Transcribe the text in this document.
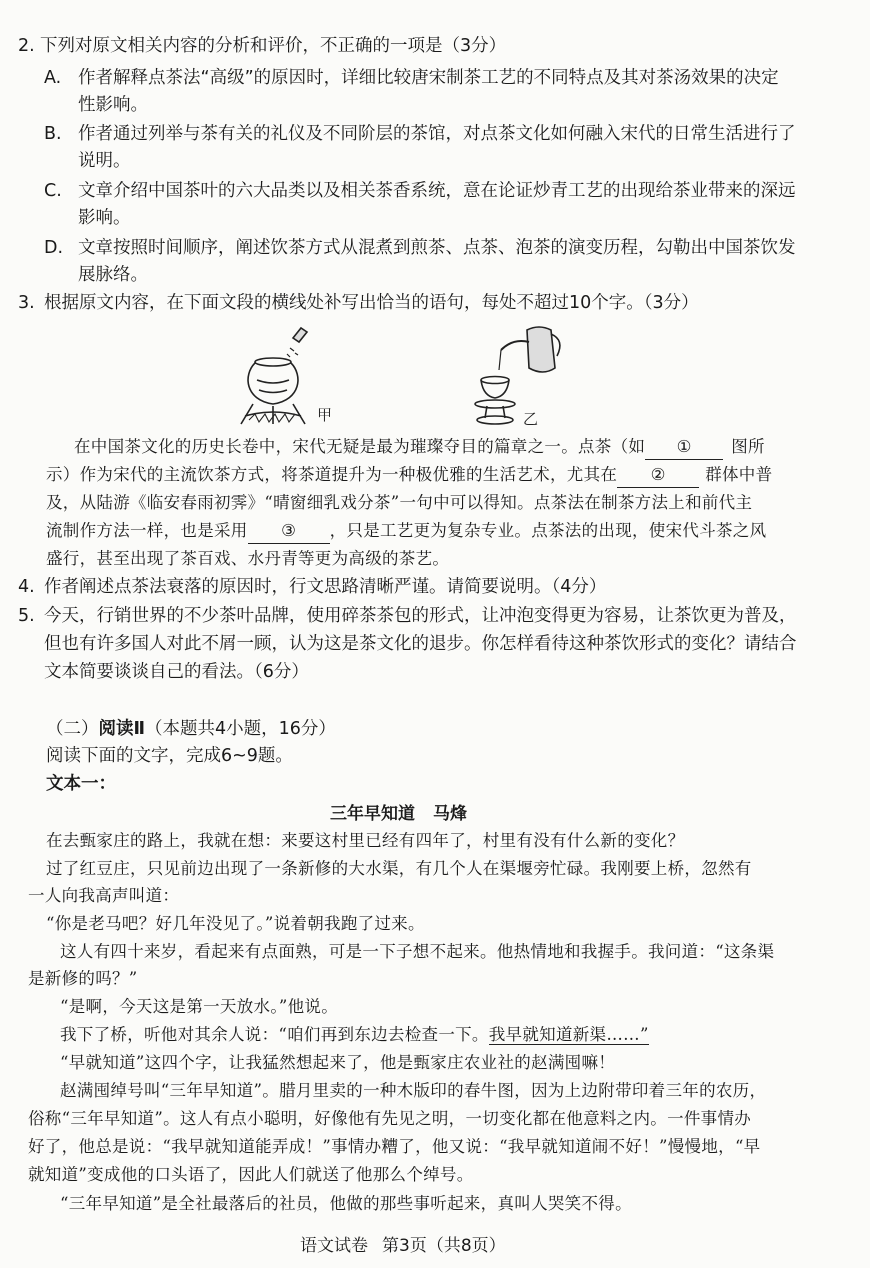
2. 下列对原文相关内容的分析和评价，不正确的一项是（3分）
A. 作者解释点茶法“高级”的原因时，详细比较唐宋制茶工艺的不同特点及其对茶汤效果的决定
性影响。
B. 作者通过列举与茶有关的礼仪及不同阶层的茶馆，对点茶文化如何融入宋代的日常生活进行了
说明。
C. 文章介绍中国茶叶的六大品类以及相关茶香系统，意在论证炒青工艺的出现给茶业带来的深远
影响。
D. 文章按照时间顺序，阐述饮茶方式从混煮到煎茶、点茶、泡茶的演变历程，勾勒出中国茶饮发
展脉络。
3. 根据原文内容，在下面文段的横线处补写出恰当的语句，每处不超过10个字。（3分）
甲	乙
在中国茶文化的历史长卷中，宋代无疑是最为璀璨夺目的篇章之一。点茶（如 ① 图所
示）作为宋代的主流饮茶方式，将茶道提升为一种极优雅的生活艺术，尤其在 ② 群体中普
及，从陆游《临安春雨初霁》“晴窗细乳戏分茶”一句中可以得知。点茶法在制茶方法上和前代主
流制作方法一样，也是采用 ③ ，只是工艺更为复杂专业。点茶法的出现，使宋代斗茶之风
盛行，甚至出现了茶百戏、水丹青等更为高级的茶艺。
4. 作者阐述点茶法衰落的原因时，行文思路清晰严谨。请简要说明。（4分）
5. 今天，行销世界的不少茶叶品牌，使用碎茶茶包的形式，让冲泡变得更为容易，让茶饮更为普及，
但也有许多国人对此不屑一顾，认为这是茶文化的退步。你怎样看待这种茶饮形式的变化？请结合
文本简要谈谈自己的看法。（6分）
（二）阅读Ⅱ（本题共4小题，16分）
阅读下面的文字，完成6~9题。
文本一：
三年早知道 马烽
在去甄家庄的路上，我就在想：来要这村里已经有四年了，村里有没有什么新的变化？
过了红豆庄，只见前边出现了一条新修的大水渠，有几个人在渠堰旁忙碌。我刚要上桥，忽然有
一人向我高声叫道：
“你是老马吧？好几年没见了。”说着朝我跑了过来。
这人有四十来岁，看起来有点面熟，可是一下子想不起来。他热情地和我握手。我问道：“这条渠
是新修的吗？”
“是啊，今天这是第一天放水。”他说。
我下了桥，听他对其余人说：“咱们再到东边去检查一下。我早就知道新渠……”
“早就知道”这四个字，让我猛然想起来了，他是甄家庄农业社的赵满囤嘛！
赵满囤绰号叫“三年早知道”。腊月里卖的一种木版印的春牛图，因为上边附带印着三年的农历，
俗称“三年早知道”。这人有点小聪明，好像他有先见之明，一切变化都在他意料之内。一件事情办
好了，他总是说：“我早就知道能弄成！”事情办糟了，他又说：“我早就知道闹不好！”慢慢地，“早
就知道”变成他的口头语了，因此人们就送了他那么个绰号。
“三年早知道”是全社最落后的社员，他做的那些事听起来，真叫人哭笑不得。
语文试卷 第3页（共8页）
